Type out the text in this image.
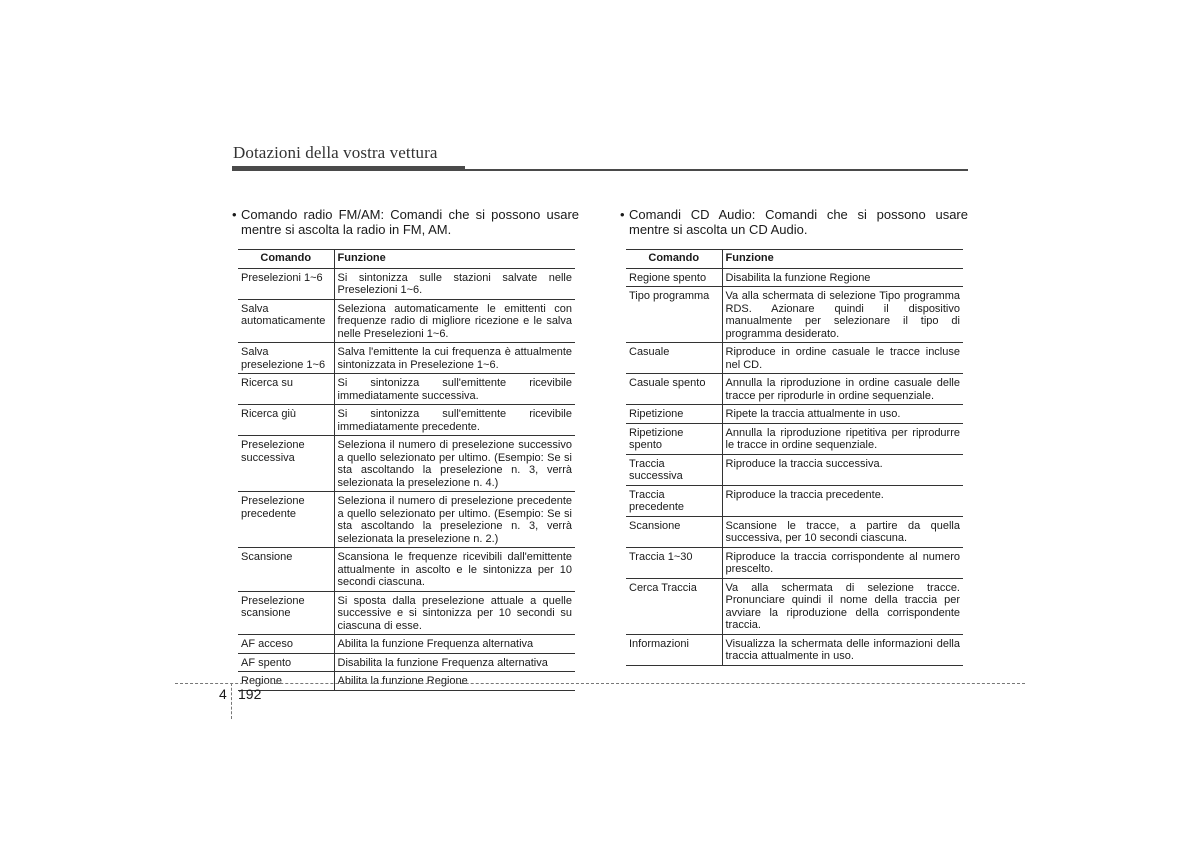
Dotazioni della vostra vettura
• Comando radio FM/AM: Comandi che si possono usare mentre si ascolta la radio in FM, AM.
• Comandi CD Audio: Comandi che si possono usare mentre si ascolta un CD Audio.
Comando	Funzione
Preselezioni 1~6	Si sintonizza sulle stazioni salvate nelle Preselezioni 1~6.
Salva automaticamente	Seleziona automaticamente le emittenti con frequenze radio di migliore ricezione e le salva nelle Preselezioni 1~6.
Salva preselezione 1~6	Salva l'emittente la cui frequenza è attualmente sintonizzata in Preselezione 1~6.
Ricerca su	Si sintonizza sull'emittente ricevibile immediatamente successiva.
Ricerca giù	Si sintonizza sull'emittente ricevibile immediatamente precedente.
Preselezione successiva	Seleziona il numero di preselezione successivo a quello selezionato per ultimo. (Esempio: Se si sta ascoltando la preselezione n. 3, verrà selezionata la preselezione n. 4.)
Preselezione precedente	Seleziona il numero di preselezione precedente a quello selezionato per ultimo. (Esempio: Se si sta ascoltando la preselezione n. 3, verrà selezionata la preselezione n. 2.)
Scansione	Scansiona le frequenze ricevibili dall'emittente attualmente in ascolto e le sintonizza per 10 secondi ciascuna.
Preselezione scansione	Si sposta dalla preselezione attuale a quelle successive e si sintonizza per 10 secondi su ciascuna di esse.
AF acceso	Abilita la funzione Frequenza alternativa
AF spento	Disabilita la funzione Frequenza alternativa
Regione	Abilita la funzione Regione
Comando	Funzione
Regione spento	Disabilita la funzione Regione
Tipo programma	Va alla schermata di selezione Tipo programma RDS. Azionare quindi il dispositivo manualmente per selezionare il tipo di programma desiderato.
Casuale	Riproduce in ordine casuale le tracce incluse nel CD.
Casuale spento	Annulla la riproduzione in ordine casuale delle tracce per riprodurle in ordine sequenziale.
Ripetizione	Ripete la traccia attualmente in uso.
Ripetizione spento	Annulla la riproduzione ripetitiva per riprodurre le tracce in ordine sequenziale.
Traccia successiva	Riproduce la traccia successiva.
Traccia precedente	Riproduce la traccia precedente.
Scansione	Scansione le tracce, a partire da quella successiva, per 10 secondi ciascuna.
Traccia 1~30	Riproduce la traccia corrispondente al numero prescelto.
Cerca Traccia	Va alla schermata di selezione tracce. Pronunciare quindi il nome della traccia per avviare la riproduzione della corrispondente traccia.
Informazioni	Visualizza la schermata delle informazioni della traccia attualmente in uso.
4 192
